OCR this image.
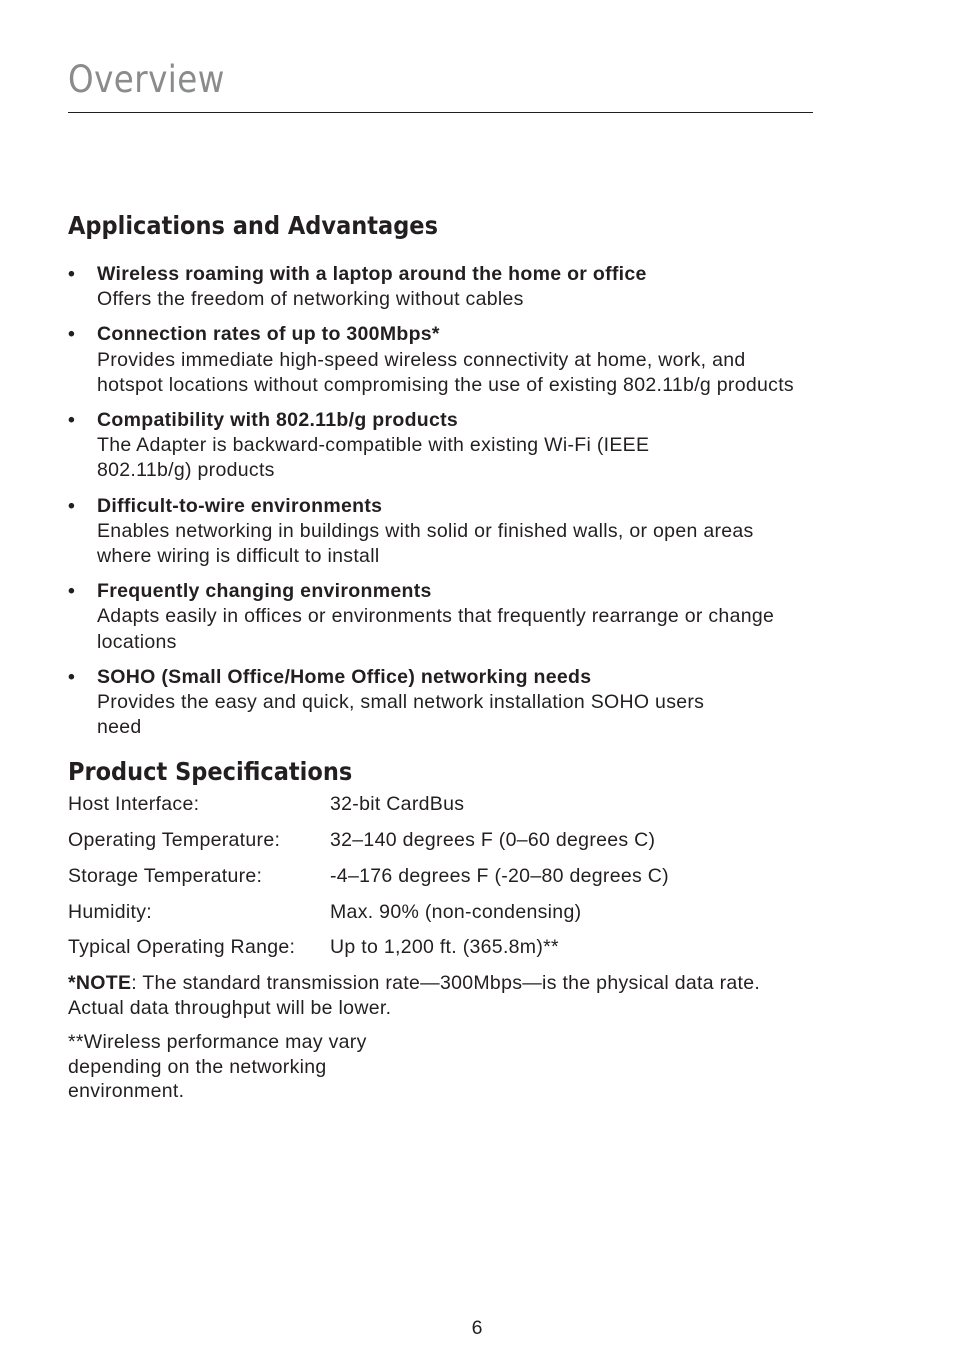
Overview
Applications and Advantages
• Wireless roaming with a laptop around the home or office
Offers the freedom of networking without cables
• Connection rates of up to 300Mbps*
Provides immediate high-speed wireless connectivity at home, work, and hotspot locations without compromising the use of existing 802.11b/g products
• Compatibility with 802.11b/g products
The Adapter is backward-compatible with existing Wi-Fi (IEEE 802.11b/g) products
• Difficult-to-wire environments
Enables networking in buildings with solid or finished walls, or open areas where wiring is difficult to install
• Frequently changing environments
Adapts easily in offices or environments that frequently rearrange or change locations
• SOHO (Small Office/Home Office) networking needs
Provides the easy and quick, small network installation SOHO users need
Product Specifications
Host Interface:	32-bit CardBus
Operating Temperature:	32–140 degrees F (0–60 degrees C)
Storage Temperature:	-4–176 degrees F (-20–80 degrees C)
Humidity:	Max. 90% (non-condensing)
Typical Operating Range:	Up to 1,200 ft. (365.8m)**

*NOTE: The standard transmission rate—300Mbps—is the physical data rate. Actual data throughput will be lower.

**Wireless performance may vary depending on the networking environment.

6
